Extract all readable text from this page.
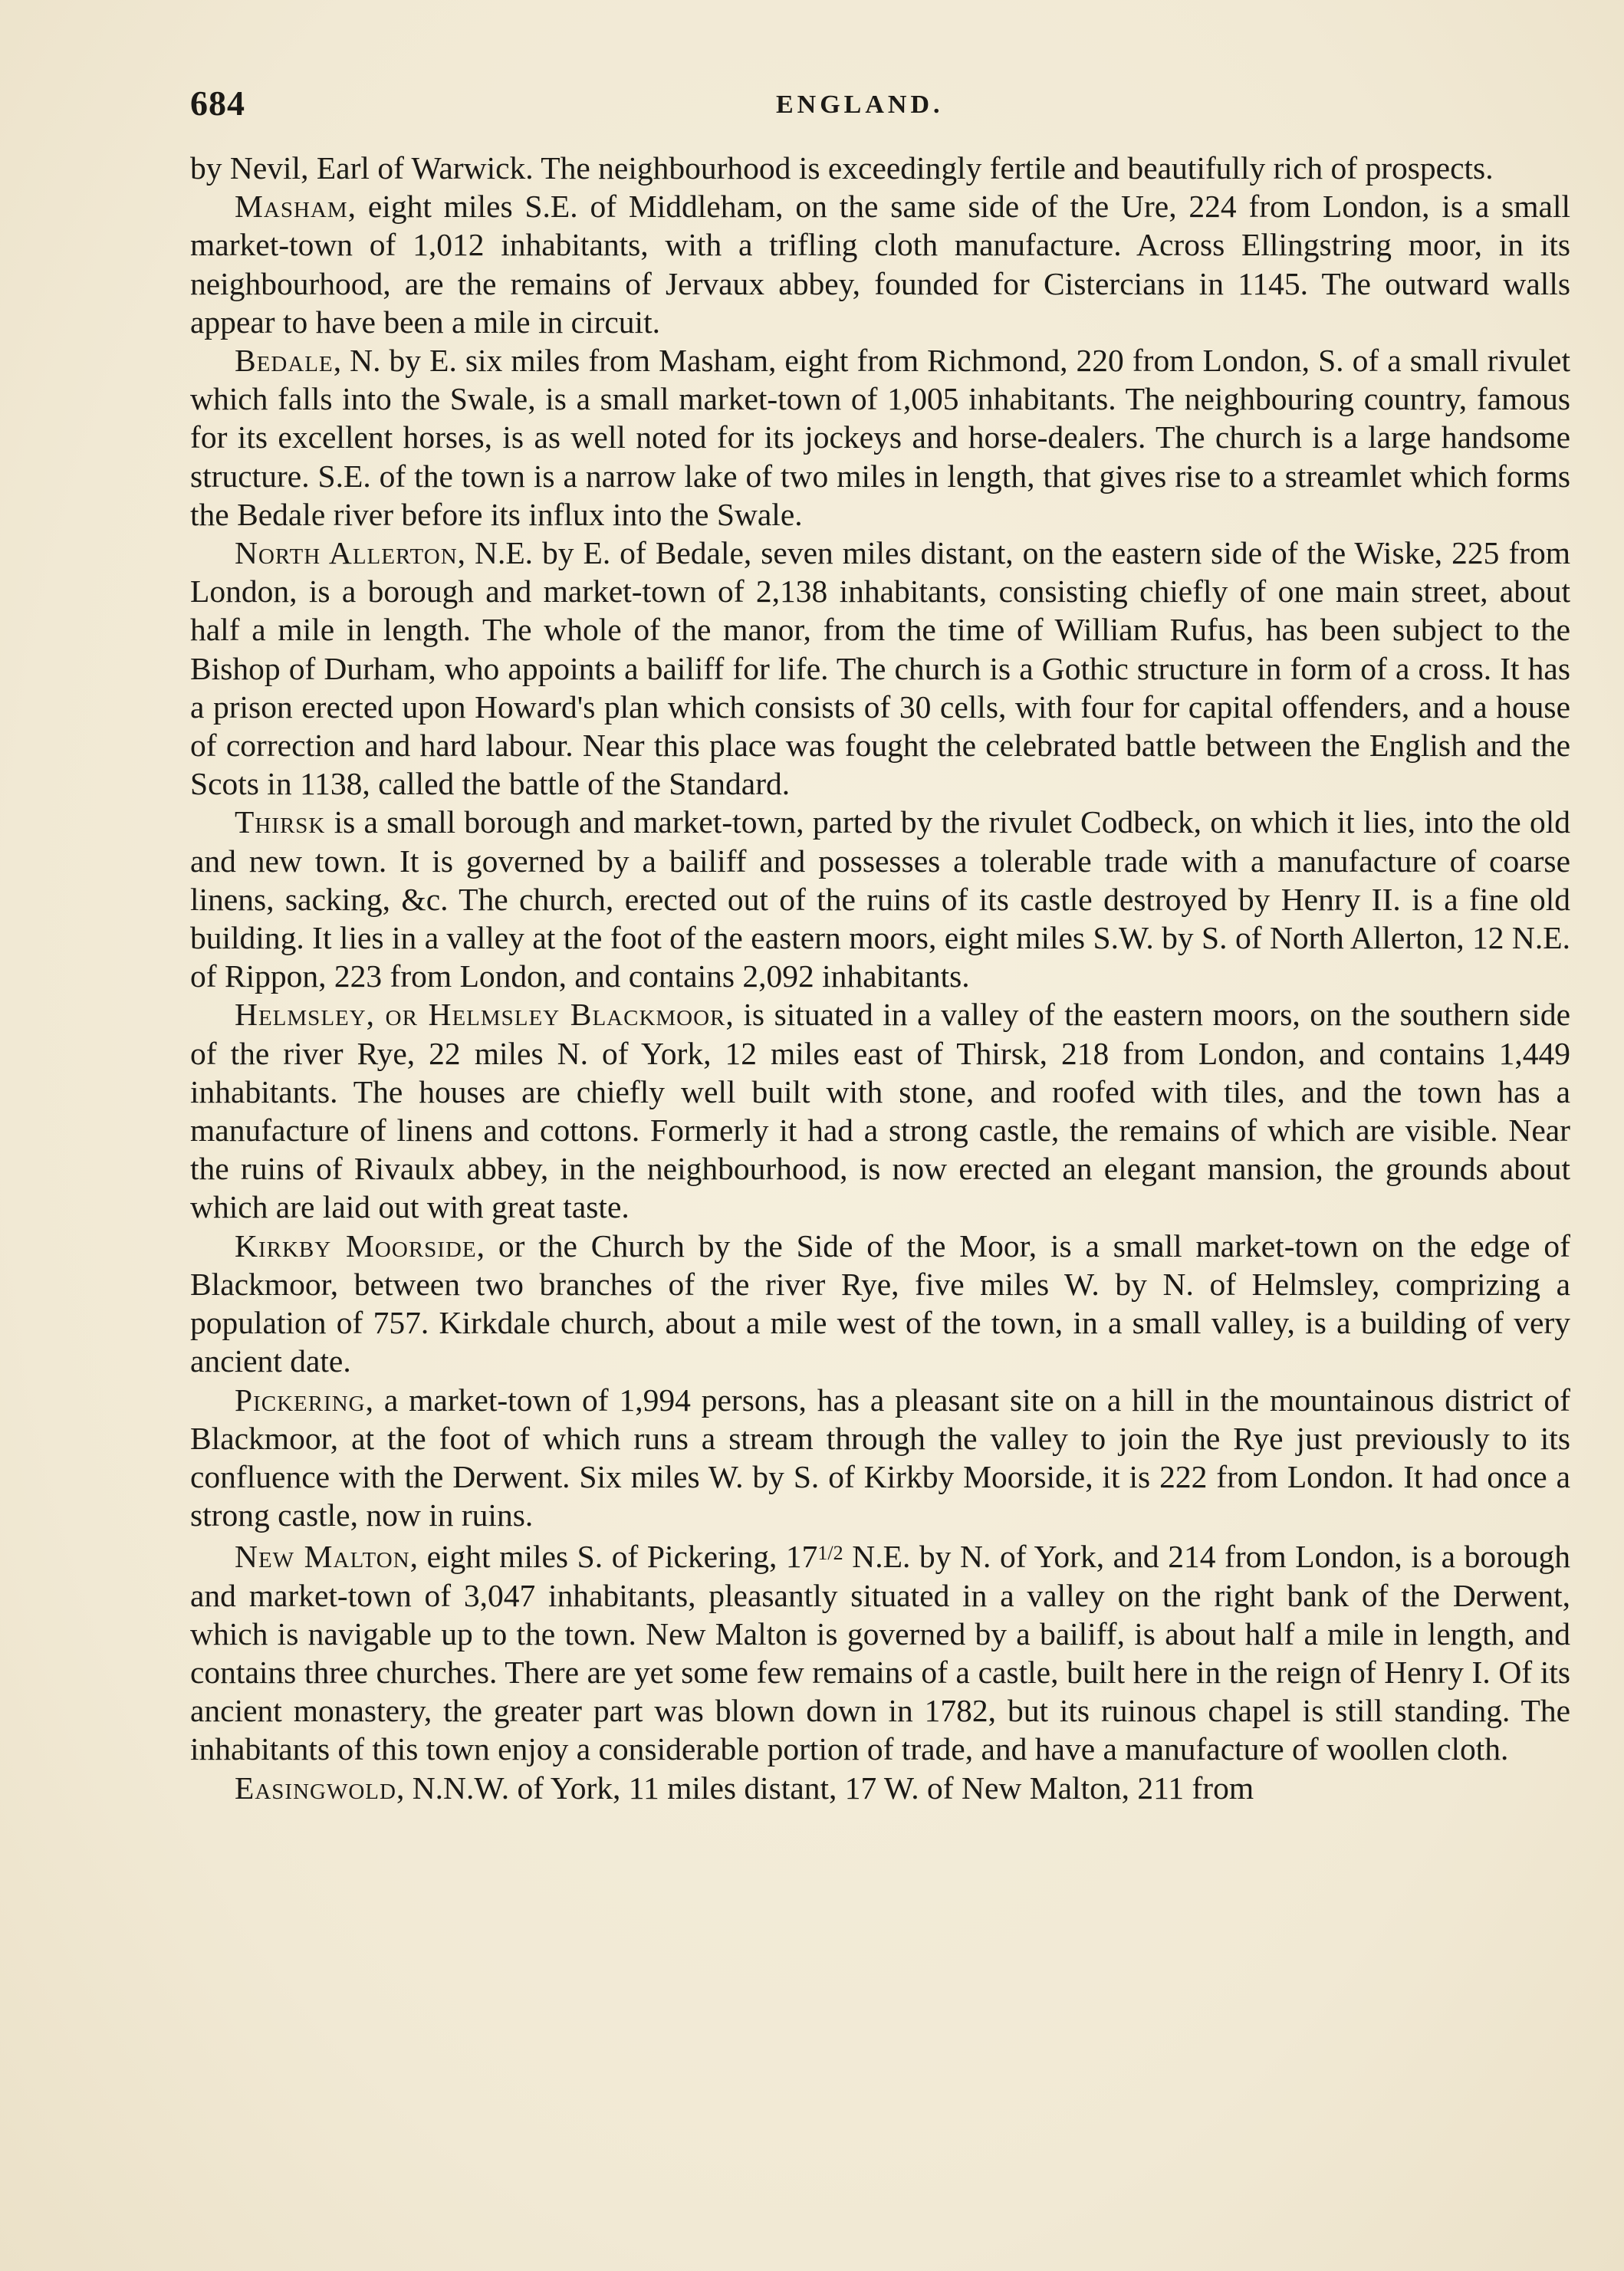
684	ENGLAND.

by Nevil, Earl of Warwick. The neighbourhood is exceedingly fertile and beautifully rich of prospects.

Masham, eight miles S.E. of Middleham, on the same side of the Ure, 224 from London, is a small market-town of 1,012 inhabitants, with a trifling cloth manufacture. Across Ellingstring moor, in its neighbourhood, are the remains of Jervaux abbey, founded for Cistercians in 1145. The outward walls appear to have been a mile in circuit.

Bedale, N. by E. six miles from Masham, eight from Richmond, 220 from London, S. of a small rivulet which falls into the Swale, is a small market-town of 1,005 inhabitants. The neighbouring country, famous for its excellent horses, is as well noted for its jockeys and horse-dealers. The church is a large handsome structure. S.E. of the town is a narrow lake of two miles in length, that gives rise to a streamlet which forms the Bedale river before its influx into the Swale.

North Allerton, N.E. by E. of Bedale, seven miles distant, on the eastern side of the Wiske, 225 from London, is a borough and market-town of 2,138 inhabitants, consisting chiefly of one main street, about half a mile in length. The whole of the manor, from the time of William Rufus, has been subject to the Bishop of Durham, who appoints a bailiff for life. The church is a Gothic structure in form of a cross. It has a prison erected upon Howard's plan which consists of 30 cells, with four for capital offenders, and a house of correction and hard labour. Near this place was fought the celebrated battle between the English and the Scots in 1138, called the battle of the Standard.

Thirsk is a small borough and market-town, parted by the rivulet Codbeck, on which it lies, into the old and new town. It is governed by a bailiff and possesses a tolerable trade with a manufacture of coarse linens, sacking, &c. The church, erected out of the ruins of its castle destroyed by Henry II. is a fine old building. It lies in a valley at the foot of the eastern moors, eight miles S.W. by S. of North Allerton, 12 N.E. of Rippon, 223 from London, and contains 2,092 inhabitants.

Helmsley, or Helmsley Blackmoor, is situated in a valley of the eastern moors, on the southern side of the river Rye, 22 miles N. of York, 12 miles east of Thirsk, 218 from London, and contains 1,449 inhabitants. The houses are chiefly well built with stone, and roofed with tiles, and the town has a manufacture of linens and cottons. Formerly it had a strong castle, the remains of which are visible. Near the ruins of Rivaulx abbey, in the neighbourhood, is now erected an elegant mansion, the grounds about which are laid out with great taste.

Kirkby Moorside, or the Church by the Side of the Moor, is a small market-town on the edge of Blackmoor, between two branches of the river Rye, five miles W. by N. of Helmsley, comprizing a population of 757. Kirkdale church, about a mile west of the town, in a small valley, is a building of very ancient date.

Pickering, a market-town of 1,994 persons, has a pleasant site on a hill in the mountainous district of Blackmoor, at the foot of which runs a stream through the valley to join the Rye just previously to its confluence with the Derwent. Six miles W. by S. of Kirkby Moorside, it is 222 from London. It had once a strong castle, now in ruins.

New Malton, eight miles S. of Pickering, $17^{1/2}$ N.E. by N. of York, and 214 from London, is a borough and market-town of 3,047 inhabitants, pleasantly situated in a valley on the right bank of the Derwent, which is navigable up to the town. New Malton is governed by a bailiff, is about half a mile in length, and contains three churches. There are yet some few remains of a castle, built here in the reign of Henry I. Of its ancient monastery, the greater part was blown down in 1782, but its ruinous chapel is still standing. The inhabitants of this town enjoy a considerable portion of trade, and have a manufacture of woollen cloth.

Easingwold, N.N.W. of York, 11 miles distant, 17 W. of New Malton, 211 from
